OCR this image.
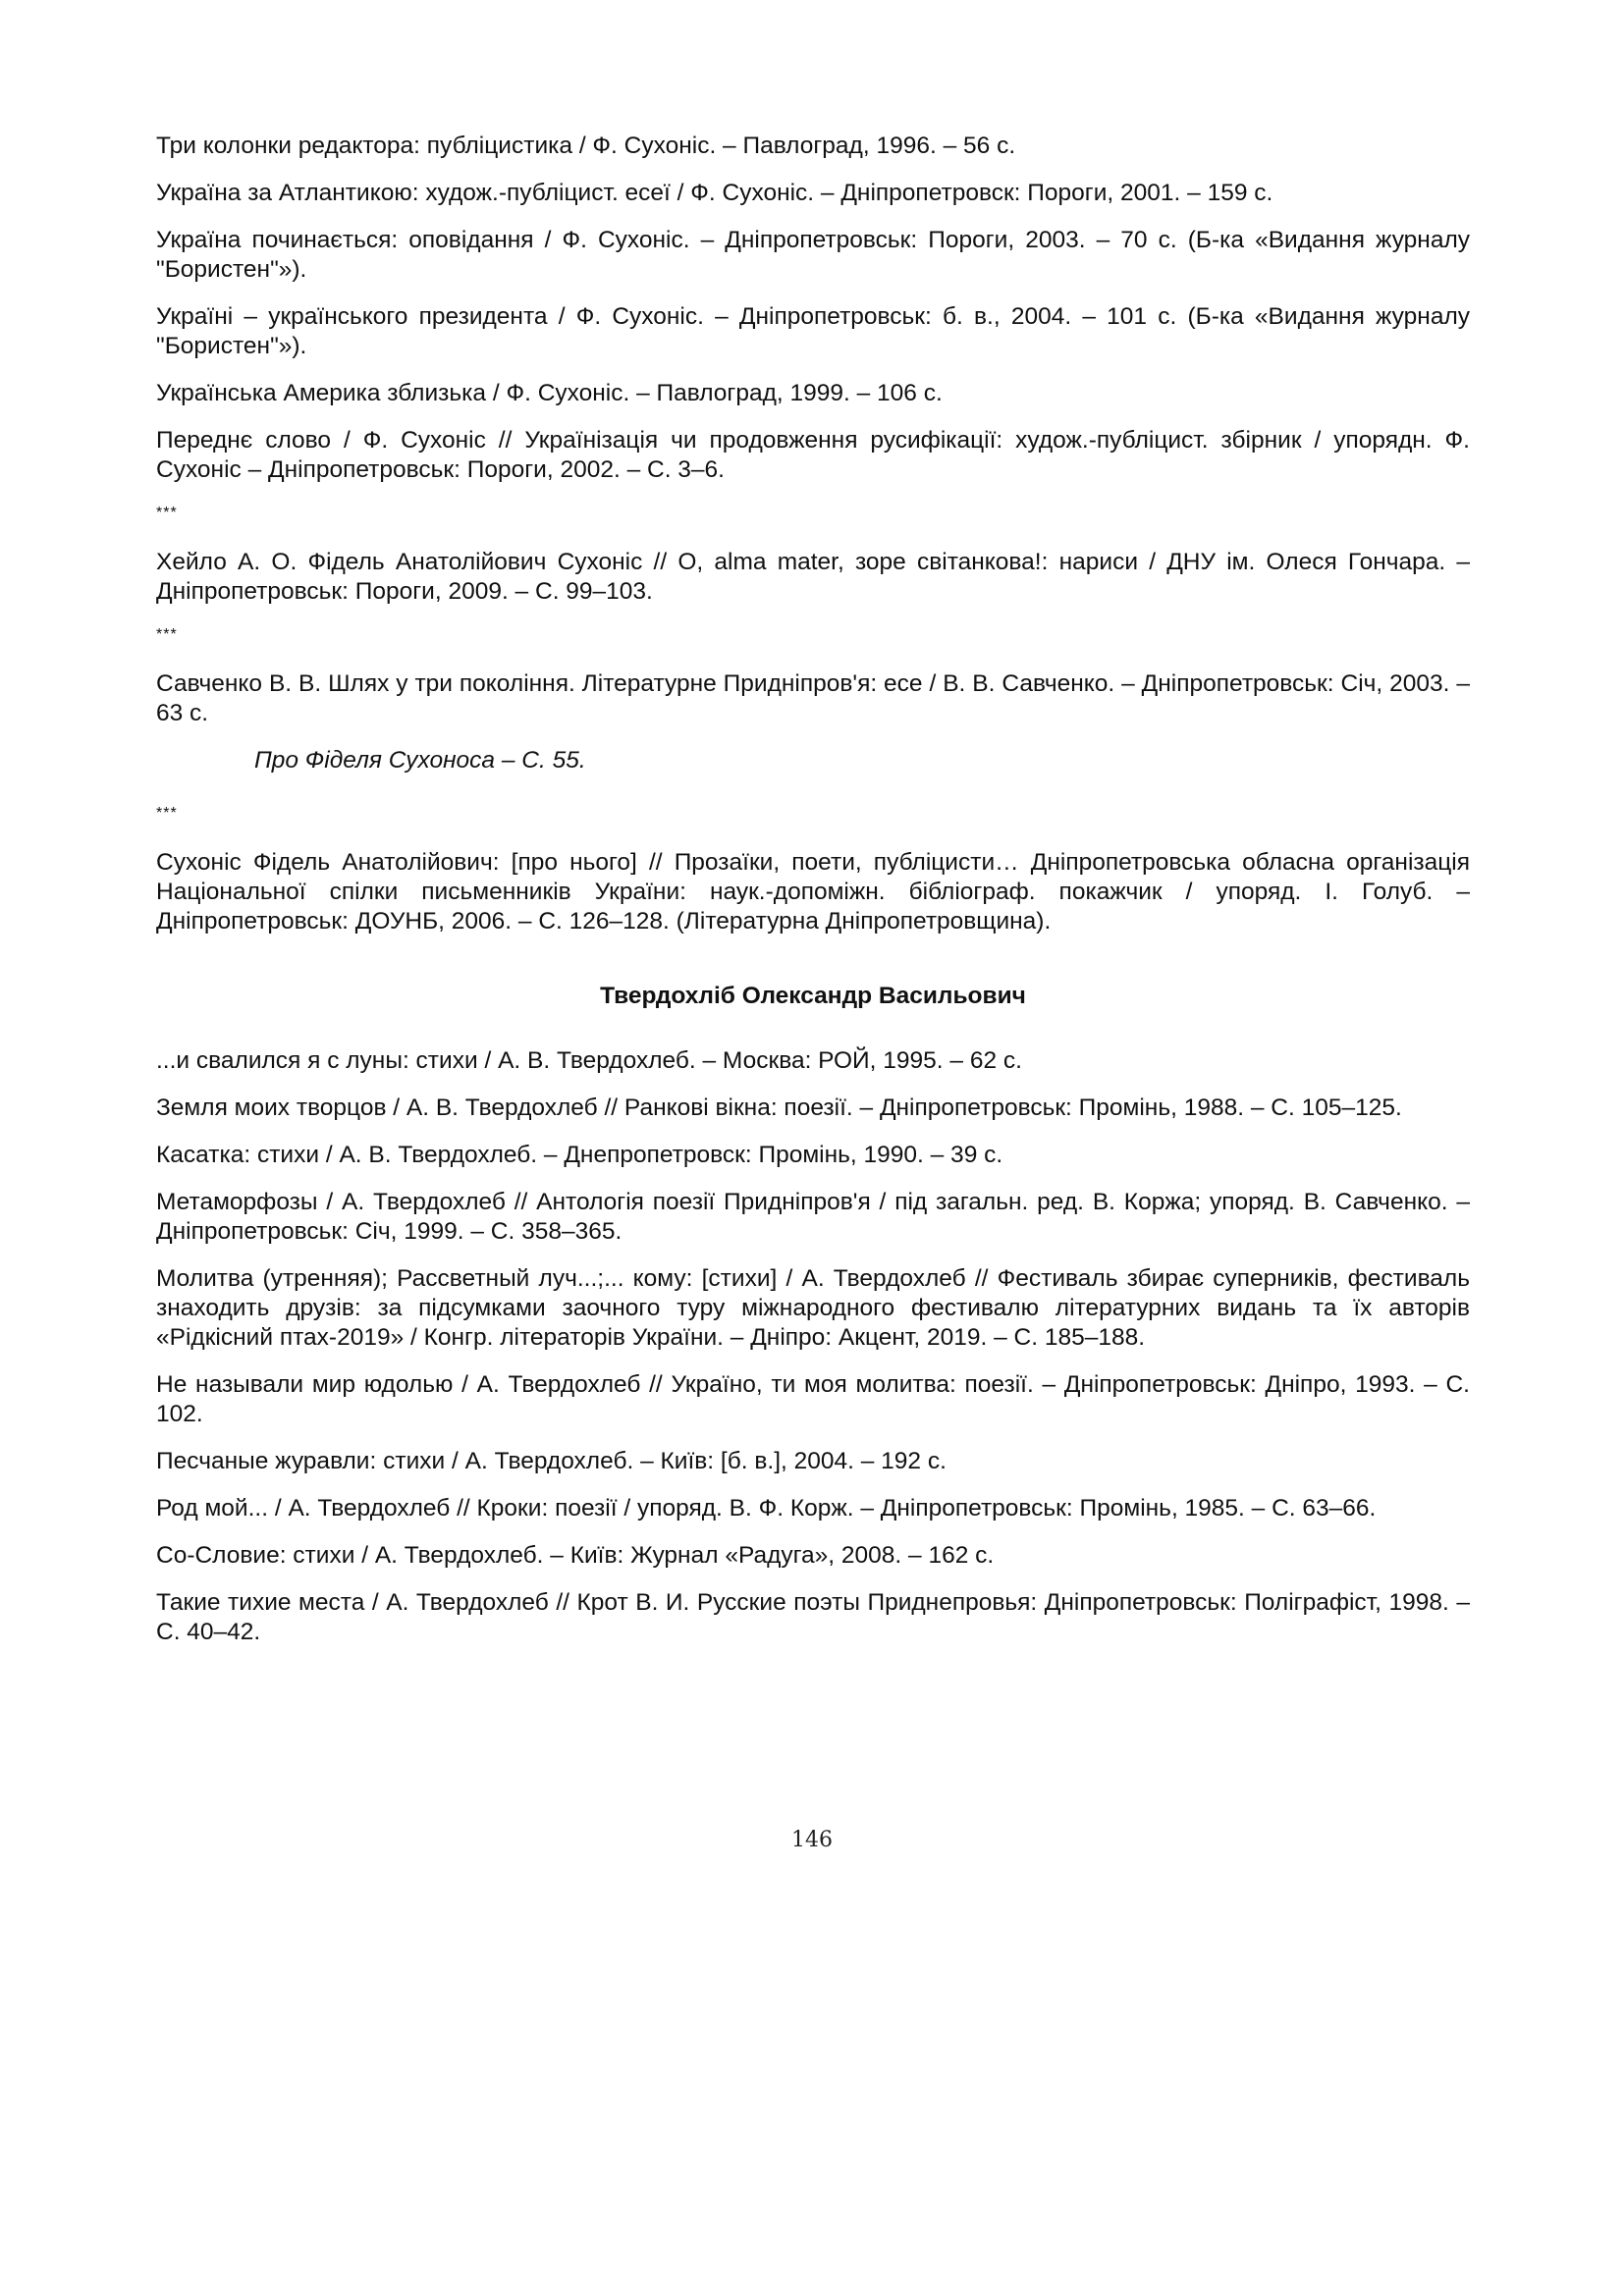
Три колонки редактора: публіцистика / Ф. Сухоніс. – Павлоград, 1996. – 56 с.

Україна за Атлантикою: худож.-публіцист. есеї / Ф. Сухоніс. – Дніпропетровск: Пороги, 2001. – 159 с.

Україна починається: оповідання / Ф. Сухоніс. – Дніпропетровськ: Пороги, 2003. – 70 с. (Б-ка «Видання журналу "Бористен"»).

Україні – українського президента / Ф. Сухоніс. – Дніпропетровськ: б. в., 2004. – 101 с. (Б-ка «Видання журналу "Бористен"»).

Українська Америка зблизька / Ф. Сухоніс. – Павлоград, 1999. – 106 с.

Переднє слово / Ф. Сухоніс // Українізація чи продовження русифікації: худож.-публіцист. збірник / упорядн. Ф. Сухоніс – Дніпропетровськ: Пороги, 2002. – С. 3–6.

***

Хейло А. О. Фідель Анатолійович Сухоніс // О, alma mater, зоре світанкова!: нариси / ДНУ ім. Олеся Гончара. – Дніпропетровськ: Пороги, 2009. – С. 99–103.

***

Савченко В. В. Шлях у три покоління. Літературне Придніпров'я: есе / В. В. Савченко. – Дніпропетровськ: Січ, 2003. – 63 с.

Про Фіделя Сухоноса – С. 55.

***

Сухоніс Фідель Анатолійович: [про нього] // Прозаїки, поети, публіцисти… Дніпропетровська обласна організація Національної спілки письменників України: наук.-допоміжн. бібліограф. покажчик / упоряд. І. Голуб. – Дніпропетровськ: ДОУНБ, 2006. – С. 126–128. (Літературна Дніпропетровщина).

Твердохліб Олександр Васильович

...и свалился я с луны: стихи / А. В. Твердохлеб. – Москва: РОЙ, 1995. – 62 с.

Земля моих творцов / А. В. Твердохлеб // Ранкові вікна: поезії. – Дніпропетровськ: Промінь, 1988. – С. 105–125.

Касатка: стихи / А. В. Твердохлеб. – Днепропетровск: Промінь, 1990. – 39 с.

Метаморфозы / А. Твердохлеб // Антологія поезії Придніпров'я / під загальн. ред. В. Коржа; упоряд. В. Савченко. – Дніпропетровськ: Січ, 1999. – С. 358–365.

Молитва (утренняя); Рассветный луч...;... кому: [стихи] / А. Твердохлеб // Фестиваль збирає суперників, фестиваль знаходить друзів: за підсумками заочного туру міжнародного фестивалю літературних видань та їх авторів «Рідкісний птах-2019» / Конгр. літераторів України. – Дніпро: Акцент, 2019. – С. 185–188.

Не называли мир юдолью / А. Твердохлеб // Україно, ти моя молитва: поезії. – Дніпропетровськ: Дніпро, 1993. – С. 102.

Песчаные журавли: стихи / А. Твердохлеб. – Київ: [б. в.], 2004. – 192 с.

Род мой... / А. Твердохлеб // Кроки: поезії / упоряд. В. Ф. Корж. – Дніпропетровськ: Промінь, 1985. – С. 63–66.

Со-Словие: стихи / А. Твердохлеб. – Київ: Журнал «Радуга», 2008. – 162 с.

Такие тихие места / А. Твердохлеб // Крот В. И. Русские поэты Приднепровья: Дніпропетровськ: Поліграфіст, 1998. – С. 40–42.

146
